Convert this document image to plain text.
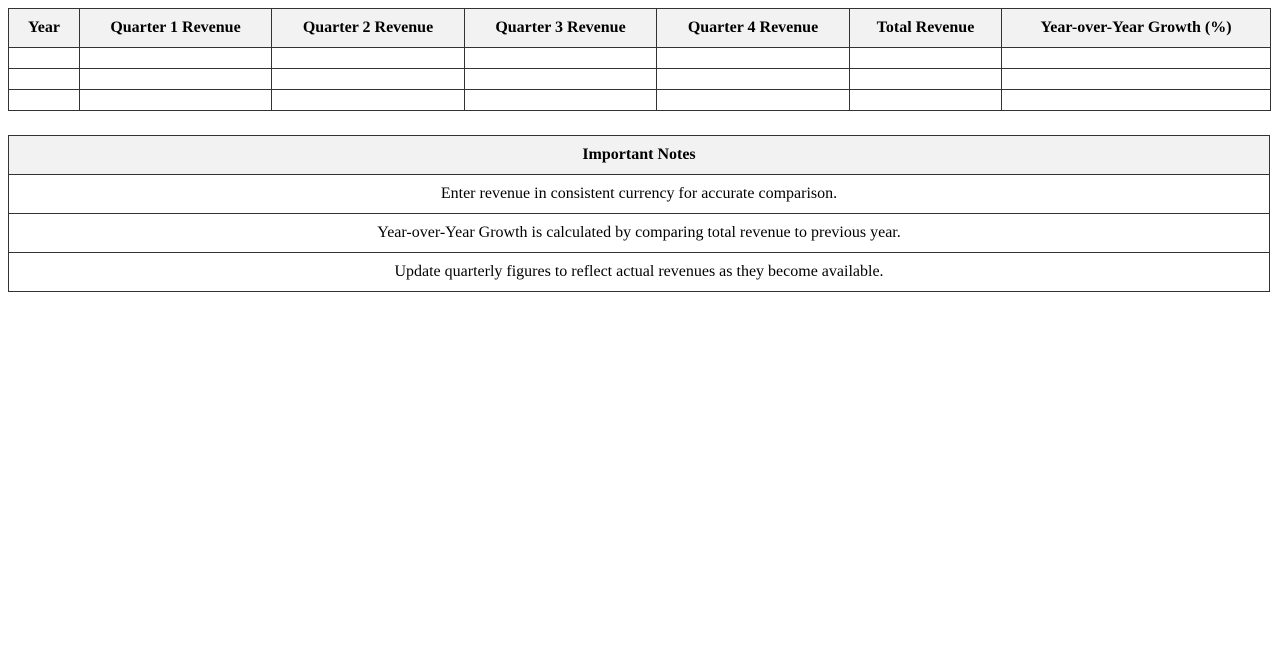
Year	Quarter 1 Revenue	Quarter 2 Revenue	Quarter 3 Revenue	Quarter 4 Revenue	Total Revenue	Year-over-Year Growth (%)

Important Notes
Enter revenue in consistent currency for accurate comparison.
Year-over-Year Growth is calculated by comparing total revenue to previous year.
Update quarterly figures to reflect actual revenues as they become available.
